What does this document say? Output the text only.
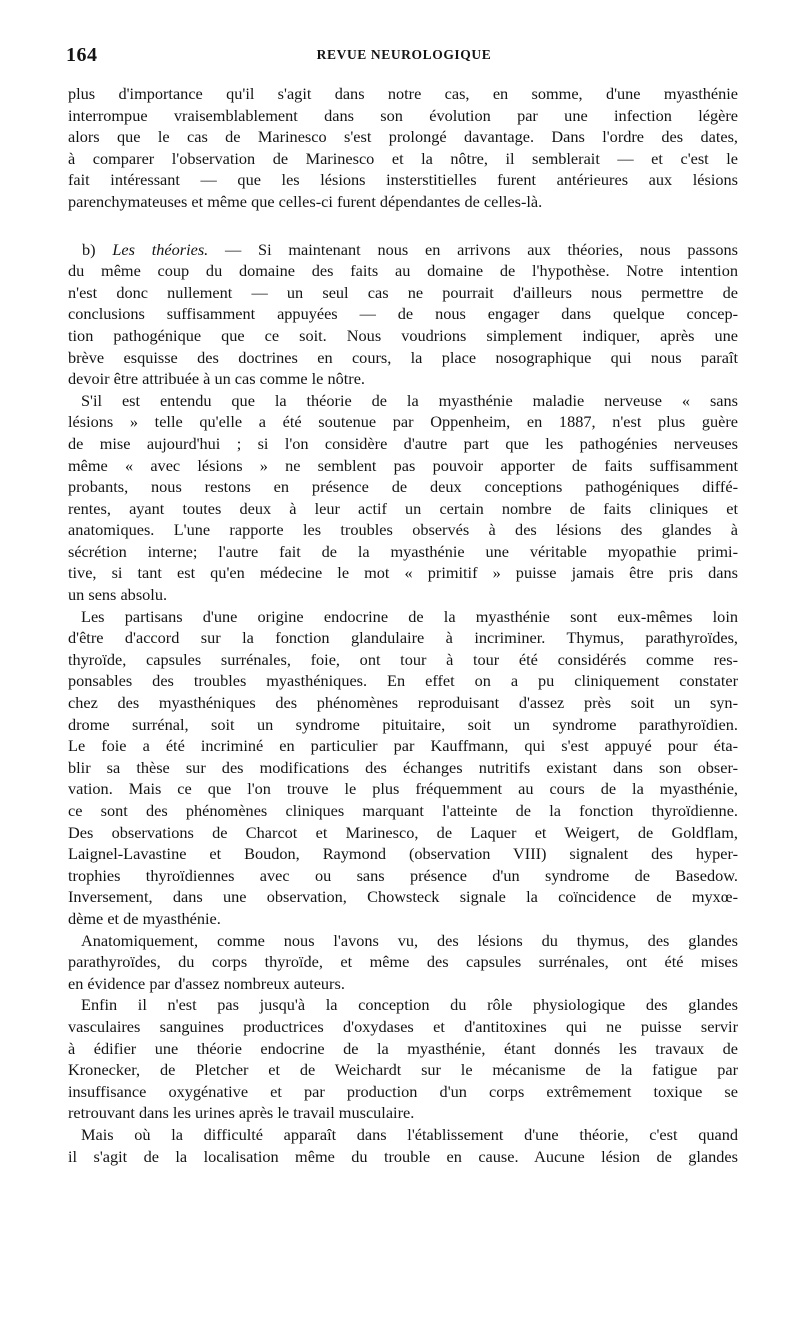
164	REVUE NEUROLOGIQUE
plus d'importance qu'il s'agit dans notre cas, en somme, d'une myasthénie
interrompue vraisemblablement dans son évolution par une infection légère
alors que le cas de Marinesco s'est prolongé davantage. Dans l'ordre des dates,
à comparer l'observation de Marinesco et la nôtre, il semblerait — et c'est le
fait intéressant — que les lésions insterstitielles furent antérieures aux lésions
parenchymateuses et même que celles-ci furent dépendantes de celles-là.
b) Les théories. — Si maintenant nous en arrivons aux théories, nous passons
du même coup du domaine des faits au domaine de l'hypothèse. Notre intention
n'est donc nullement — un seul cas ne pourrait d'ailleurs nous permettre de
conclusions suffisamment appuyées — de nous engager dans quelque concep-
tion pathogénique que ce soit. Nous voudrions simplement indiquer, après une
brève esquisse des doctrines en cours, la place nosographique qui nous paraît
devoir être attribuée à un cas comme le nôtre.
S'il est entendu que la théorie de la myasthénie maladie nerveuse « sans
lésions » telle qu'elle a été soutenue par Oppenheim, en 1887, n'est plus guère
de mise aujourd'hui ; si l'on considère d'autre part que les pathogénies nerveuses
même « avec lésions » ne semblent pas pouvoir apporter de faits suffisamment
probants, nous restons en présence de deux conceptions pathogéniques diffé-
rentes, ayant toutes deux à leur actif un certain nombre de faits cliniques et
anatomiques. L'une rapporte les troubles observés à des lésions des glandes à
sécrétion interne; l'autre fait de la myasthénie une véritable myopathie primi-
tive, si tant est qu'en médecine le mot « primitif » puisse jamais être pris dans
un sens absolu.
Les partisans d'une origine endocrine de la myasthénie sont eux-mêmes loin
d'être d'accord sur la fonction glandulaire à incriminer. Thymus, parathyroïdes,
thyroïde, capsules surrénales, foie, ont tour à tour été considérés comme res-
ponsables des troubles myasthéniques. En effet on a pu cliniquement constater
chez des myasthéniques des phénomènes reproduisant d'assez près soit un syn-
drome surrénal, soit un syndrome pituitaire, soit un syndrome parathyroïdien.
Le foie a été incriminé en particulier par Kauffmann, qui s'est appuyé pour éta-
blir sa thèse sur des modifications des échanges nutritifs existant dans son obser-
vation. Mais ce que l'on trouve le plus fréquemment au cours de la myasthénie,
ce sont des phénomènes cliniques marquant l'atteinte de la fonction thyroïdienne.
Des observations de Charcot et Marinesco, de Laquer et Weigert, de Goldflam,
Laignel-Lavastine et Boudon, Raymond (observation VIII) signalent des hyper-
trophies thyroïdiennes avec ou sans présence d'un syndrome de Basedow.
Inversement, dans une observation, Chowsteck signale la coïncidence de myxœ-
dème et de myasthénie.
Anatomiquement, comme nous l'avons vu, des lésions du thymus, des glandes
parathyroïdes, du corps thyroïde, et même des capsules surrénales, ont été mises
en évidence par d'assez nombreux auteurs.
Enfin il n'est pas jusqu'à la conception du rôle physiologique des glandes
vasculaires sanguines productrices d'oxydases et d'antitoxines qui ne puisse servir
à édifier une théorie endocrine de la myasthénie, étant donnés les travaux de
Kronecker, de Pletcher et de Weichardt sur le mécanisme de la fatigue par
insuffisance oxygénative et par production d'un corps extrêmement toxique se
retrouvant dans les urines après le travail musculaire.
Mais où la difficulté apparaît dans l'établissement d'une théorie, c'est quand
il s'agit de la localisation même du trouble en cause. Aucune lésion de glandes
